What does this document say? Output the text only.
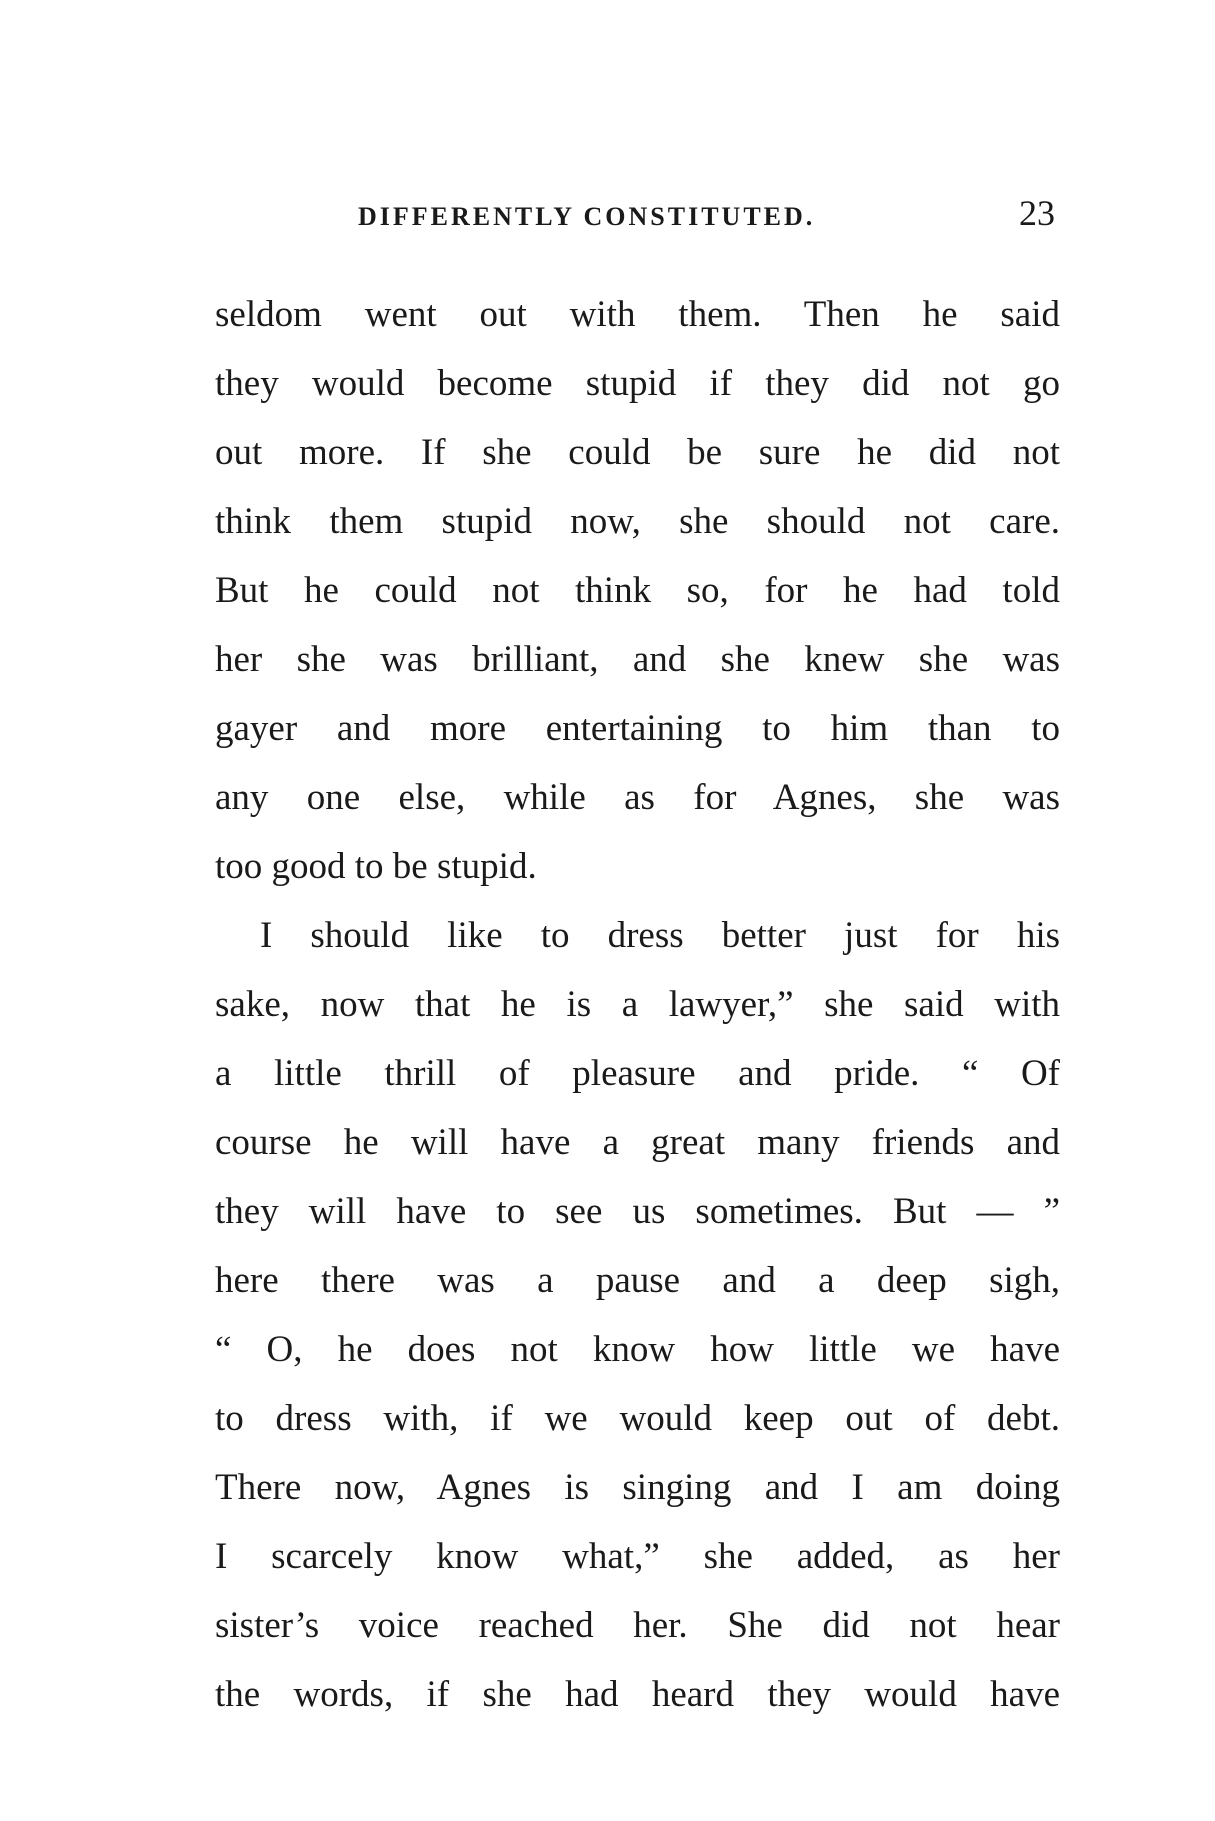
DIFFERENTLY CONSTITUTED.	23
seldom went out with them. Then he said
they would become stupid if they did not go
out more. If she could be sure he did not
think them stupid now, she should not care.
But he could not think so, for he had told
her she was brilliant, and she knew she was
gayer and more entertaining to him than to
any one else, while as for Agnes, she was
too good to be stupid.
I should like to dress better just for his
sake, now that he is a lawyer,” she said with
a little thrill of pleasure and pride. “ Of
course he will have a great many friends and
they will have to see us sometimes. But — ”
here there was a pause and a deep sigh,
“ O, he does not know how little we have
to dress with, if we would keep out of debt.
There now, Agnes is singing and I am doing
I scarcely know what,” she added, as her
sister’s voice reached her. She did not hear
the words, if she had heard they would have
